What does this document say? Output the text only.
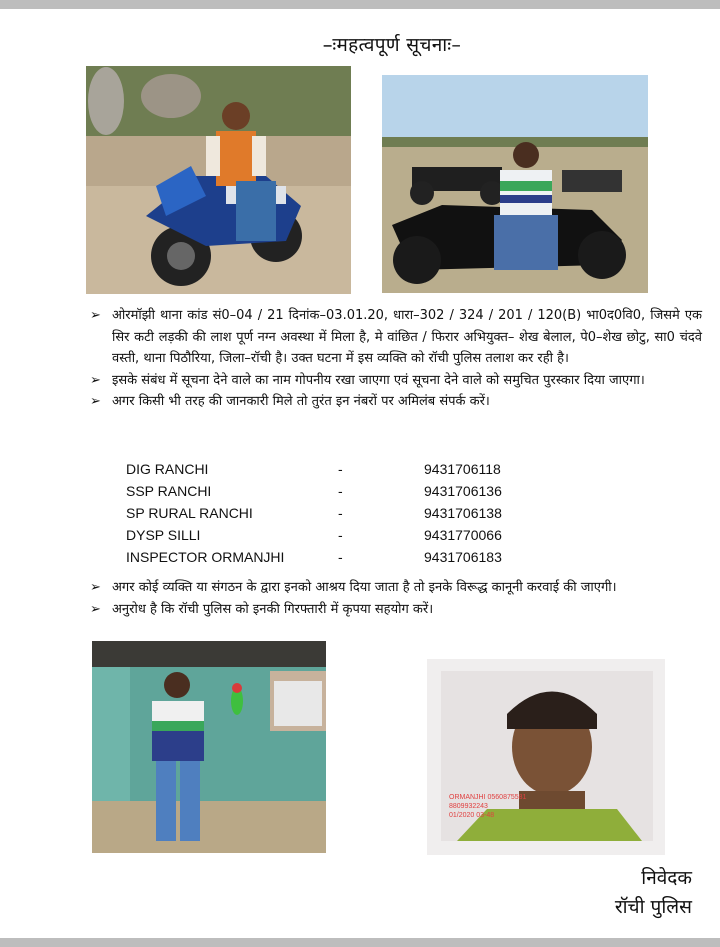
–ःमहत्वपूर्ण सूचनाः–
➢ ओरमॉझी थाना कांड सं0–04 / 21 दिनांक–03.01.20, धारा–302 / 324 / 201 / 120(B) भा0द0वि0, जिसमे एक सिर कटी लड़की की लाश पूर्ण नग्न अवस्था में मिला है, मे वांछित / फिरार अभियुक्त– शेख बेलाल, पे0–शेख छोटु, सा0 चंदवे वस्ती, थाना पिठौरिया, जिला–रॉची है। उक्त घटना में इस व्यक्ति को रॉची पुलिस तलाश कर रही है।
➢ इसके संबंध में सूचना देने वाले का नाम गोपनीय रखा जाएगा एवं सूचना देने वाले को समुचित पुरस्कार दिया जाएगा।
➢ अगर किसी भी तरह की जानकारी मिले तो तुरंत इन नंबरों पर अमिलंब संपर्क करें।
DIG RANCHI	-	9431706118
SSP RANCHI	-	9431706136
SP RURAL RANCHI	-	9431706138
DYSP SILLI	-	9431770066
INSPECTOR ORMANJHI	-	9431706183
➢ अगर कोई व्यक्ति या संगठन के द्वारा इनको आश्रय दिया जाता है तो इनके विरूद्ध कानूनी करवाई की जाएगी।
➢ अनुरोध है कि रॉची पुलिस को इनकी गिरफ्तारी में कृपया सहयोग करें।
ORMANJHI 0560875581
8809932243
01/2020 03-48
निवेदक
रॉची पुलिस
